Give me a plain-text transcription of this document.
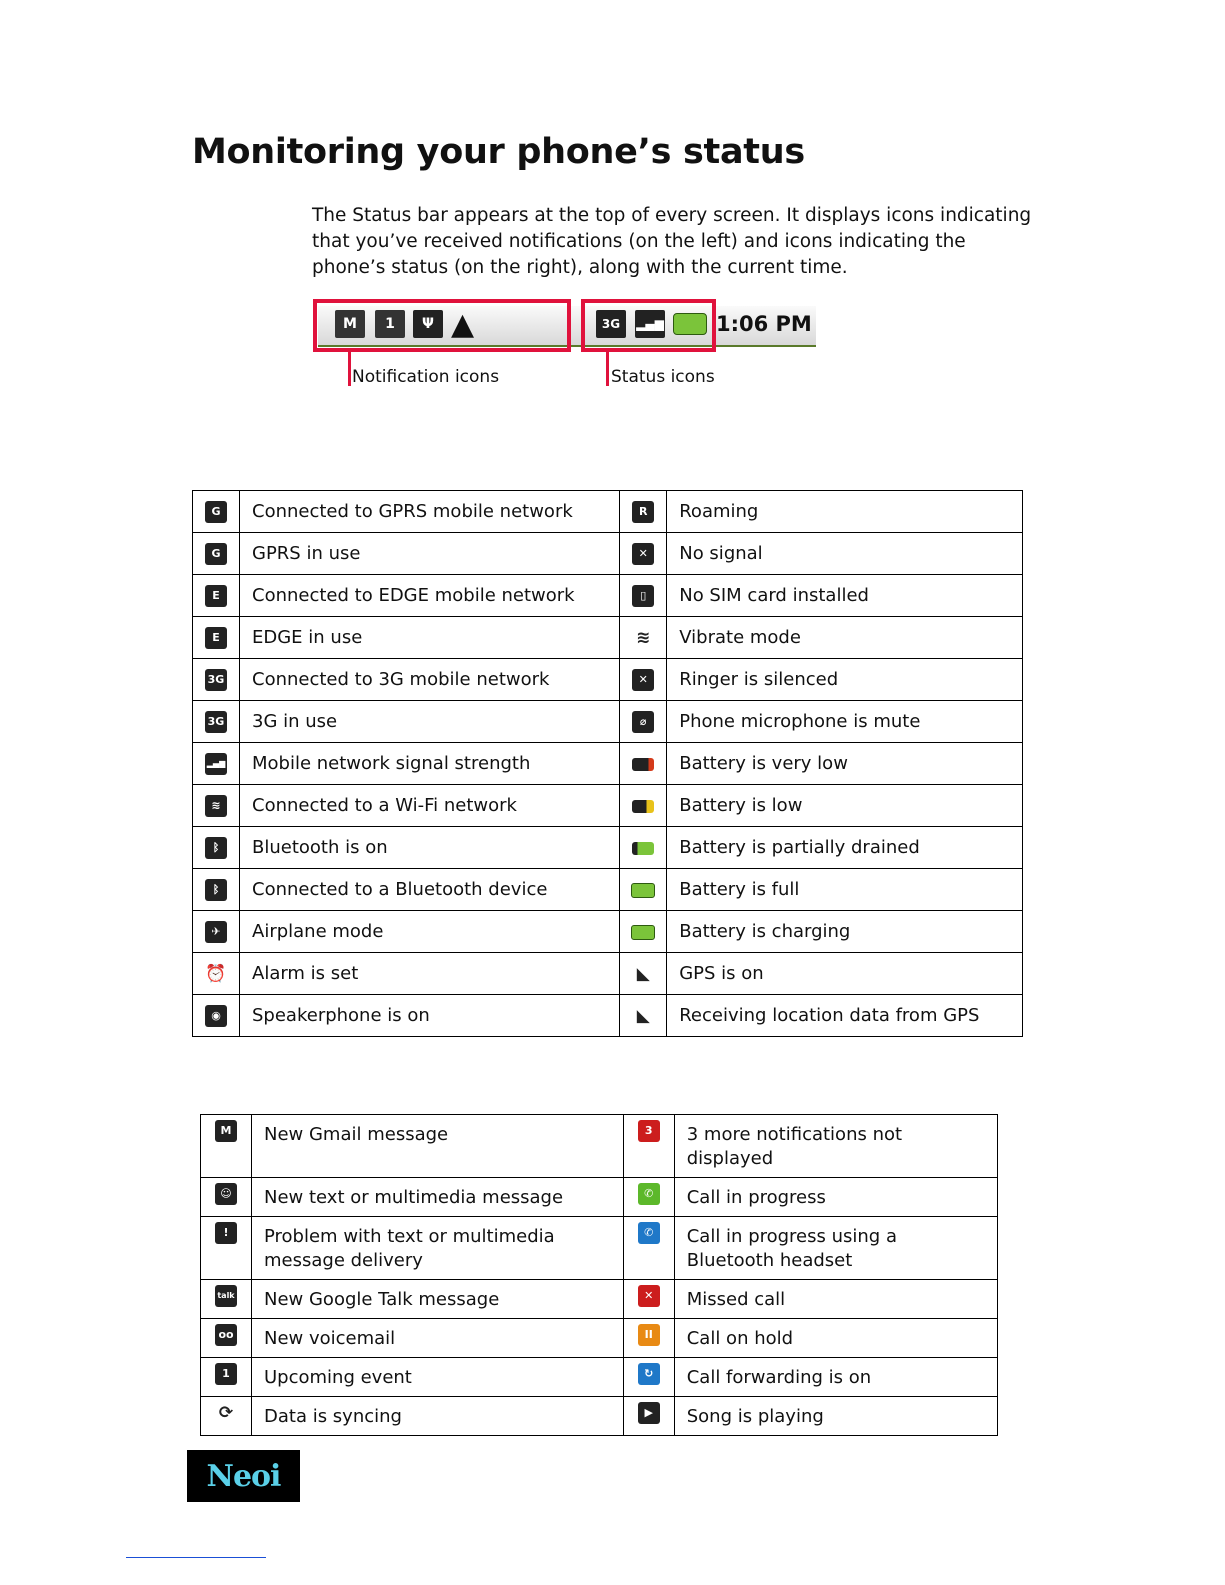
Monitoring your phone’s status

The Status bar appears at the top of every screen. It displays icons indicating that you’ve received notifications (on the left) and icons indicating the phone’s status (on the right), along with the current time.

M	1	Ψ ▲	3G	▂▄▆ 1:06 PM
Notification icons	Status icons
G	Connected to GPRS mobile network	R	Roaming
G	GPRS in use	✕	No signal
E	Connected to EDGE mobile network	▯	No SIM card installed
E	EDGE in use	≋	Vibrate mode
3G	Connected to 3G mobile network	✕	Ringer is silenced
3G	3G in use	⌀	Phone microphone is mute
▂▄▆	Mobile network signal strength		Battery is very low
≋	Connected to a Wi-Fi network		Battery is low
ᛒ	Bluetooth is on		Battery is partially drained
ᛒ	Connected to a Bluetooth device		Battery is full
✈	Airplane mode		Battery is charging
⏰	Alarm is set	◣	GPS is on
◉	Speakerphone is on	◣	Receiving location data from GPS
M	New Gmail message	3	3 more notifications not displayed
☺	New text or multimedia message	✆	Call in progress
!	Problem with text or multimedia message delivery	✆	Call in progress using a Bluetooth headset
talk	New Google Talk message	✕	Missed call
oo	New voicemail	II	Call on hold
1	Upcoming event	↻	Call forwarding is on
⟳	Data is syncing	▶	Song is playing
Neoi
